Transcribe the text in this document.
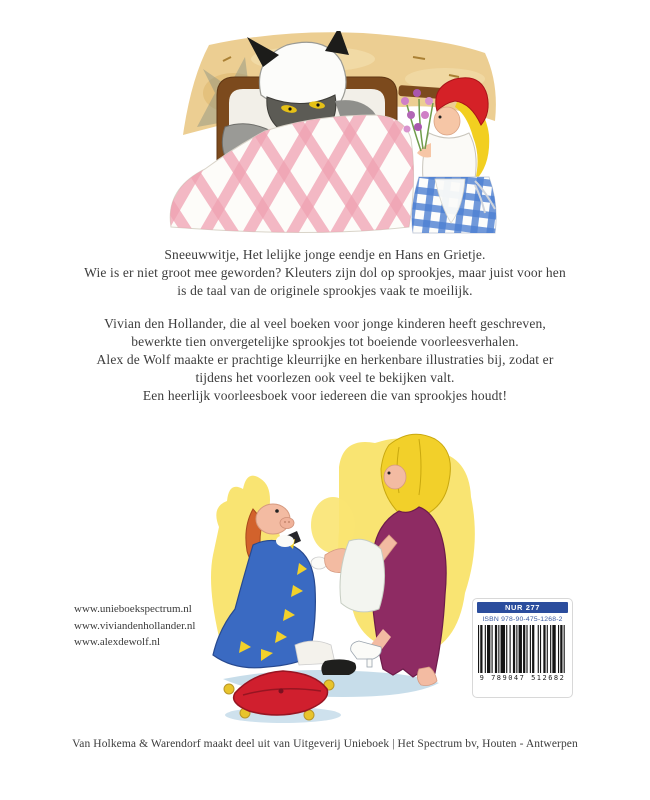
Sneeuwwitje, Het lelijke jonge eendje en Hans en Grietje.
Wie is er niet groot mee geworden? Kleuters zijn dol op sprookjes, maar juist voor hen
is de taal van de originele sprookjes vaak te moeilijk.
Vivian den Hollander, die al veel boeken voor jonge kinderen heeft geschreven,
bewerkte tien onvergetelijke sprookjes tot boeiende voorleesverhalen.
Alex de Wolf maakte er prachtige kleurrijke en herkenbare illustraties bij, zodat er
tijdens het voorlezen ook veel te bekijken valt.
Een heerlijk voorleesboek voor iedereen die van sprookjes houdt!
www.unieboekspectrum.nl
www.viviandenhollander.nl
www.alexdewolf.nl
NUR 277
ISBN 978-90-475-1268-2
9 789047 512682
Van Holkema & Warendorf maakt deel uit van Uitgeverij Unieboek | Het Spectrum bv, Houten - Antwerpen
